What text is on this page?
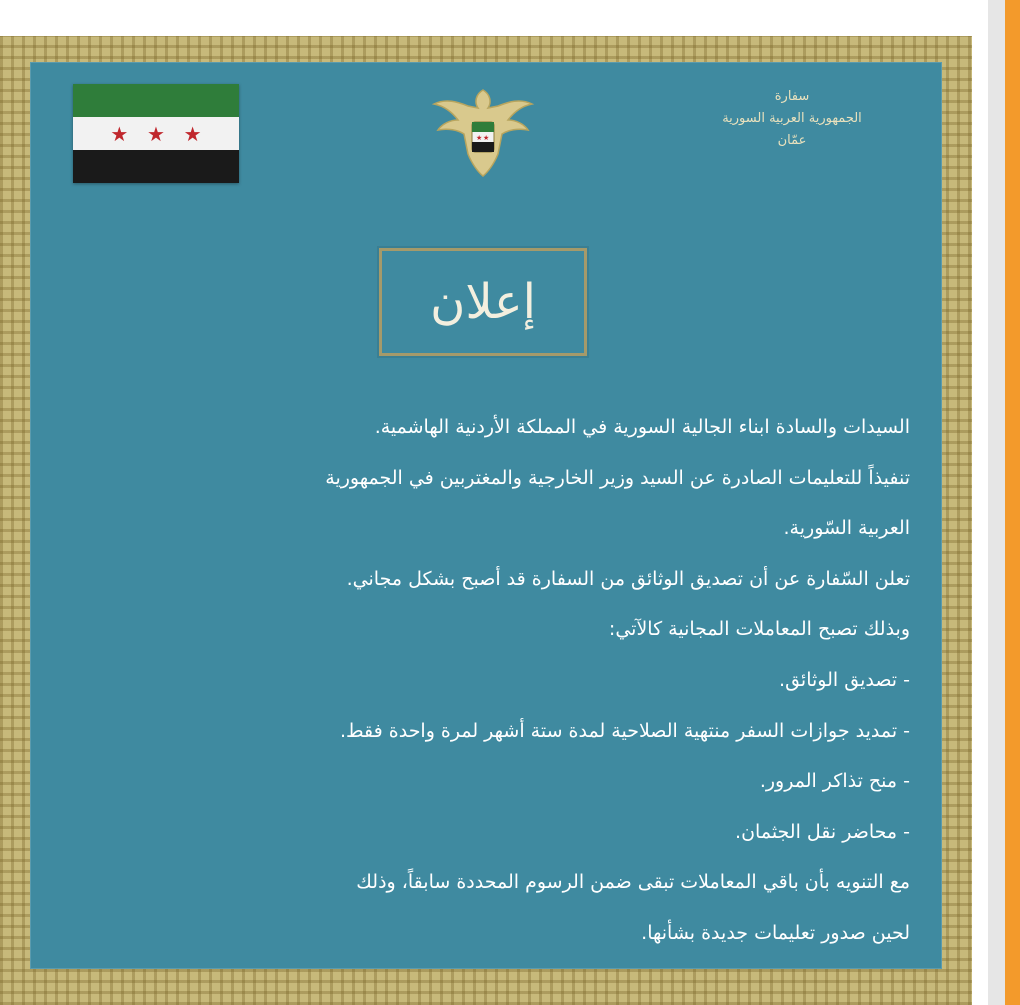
★ ★ ★	★ ★
سفارة
الجمهورية العربية السورية
عمّان
إعلان

السيدات والسادة ابناء الجالية السورية في المملكة الأردنية الهاشمية.

تنفيذاً للتعليمات الصادرة عن السيد وزير الخارجية والمغتربين في الجمهورية

العربية السّورية.

تعلن السّفارة عن أن تصديق الوثائق من السفارة قد أصبح بشكل مجاني.

وبذلك تصبح المعاملات المجانية كالآتي:

- تصديق الوثائق.

- تمديد جوازات السفر منتهية الصلاحية لمدة ستة أشهر لمرة واحدة فقط.

- منح تذاكر المرور.

- محاضر نقل الجثمان.

مع التنويه بأن باقي المعاملات تبقى ضمن الرسوم المحددة سابقاً، وذلك

لحين صدور تعليمات جديدة بشأنها.
